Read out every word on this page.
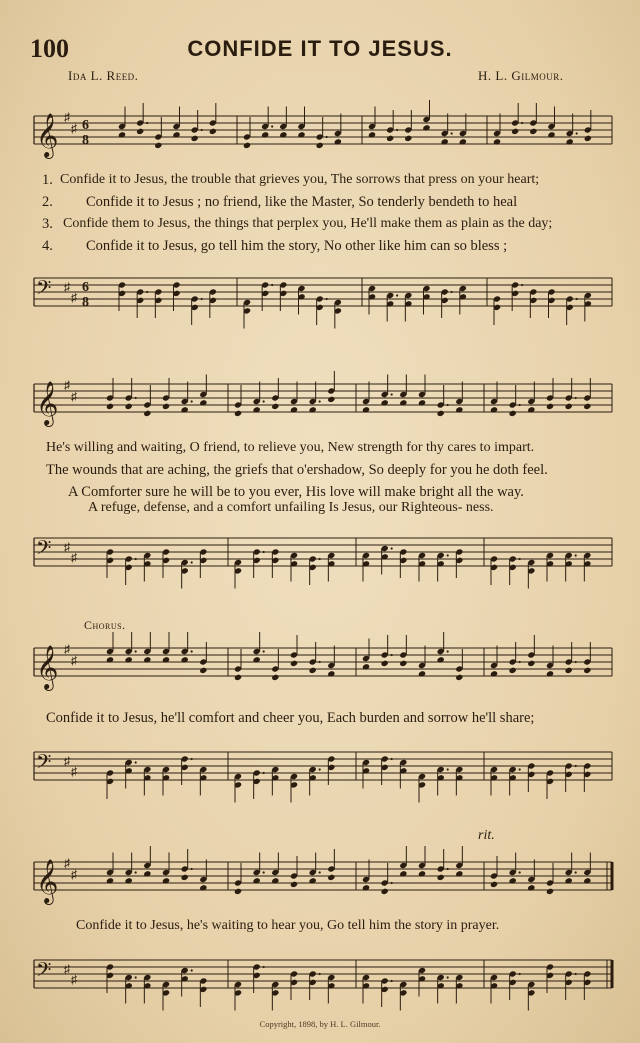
100	CONFIDE IT TO JESUS.
Ida L. Reed.	H. L. Gilmour.
𝄞 ♯
♯ 6
8
1. Confide it to Jesus, the trouble that grieves you, The sorrows that press on your heart;
2. Confide it to Jesus ; no friend, like the Master, So tenderly bendeth to heal
3. Confide them to Jesus, the things that perplex you, He'll make them as plain as the day;
4. Confide it to Jesus, go tell him the story, No other like him can so bless ;
𝄢 ♯
♯
6
8
𝄞 ♯
♯
He's willing and waiting, O friend, to relieve you, New strength for thy cares to impart.
The wounds that are aching, the griefs that o'ershadow, So deeply for you he doth feel.
A Comforter sure he will be to you ever, His love will make bright all the way.
A refuge, defense, and a comfort unfailing Is Jesus, our Righteous- ness.
𝄢 ♯
♯
Chorus.
𝄞 ♯
♯
Confide it to Jesus, he'll comfort and cheer you, Each burden and sorrow he'll share;
𝄢 ♯
♯
rit.
𝄞 ♯
♯
Confide it to Jesus, he's waiting to hear you, Go tell him the story in prayer.
𝄢 ♯
♯
Copyright, 1898, by H. L. Gilmour.
